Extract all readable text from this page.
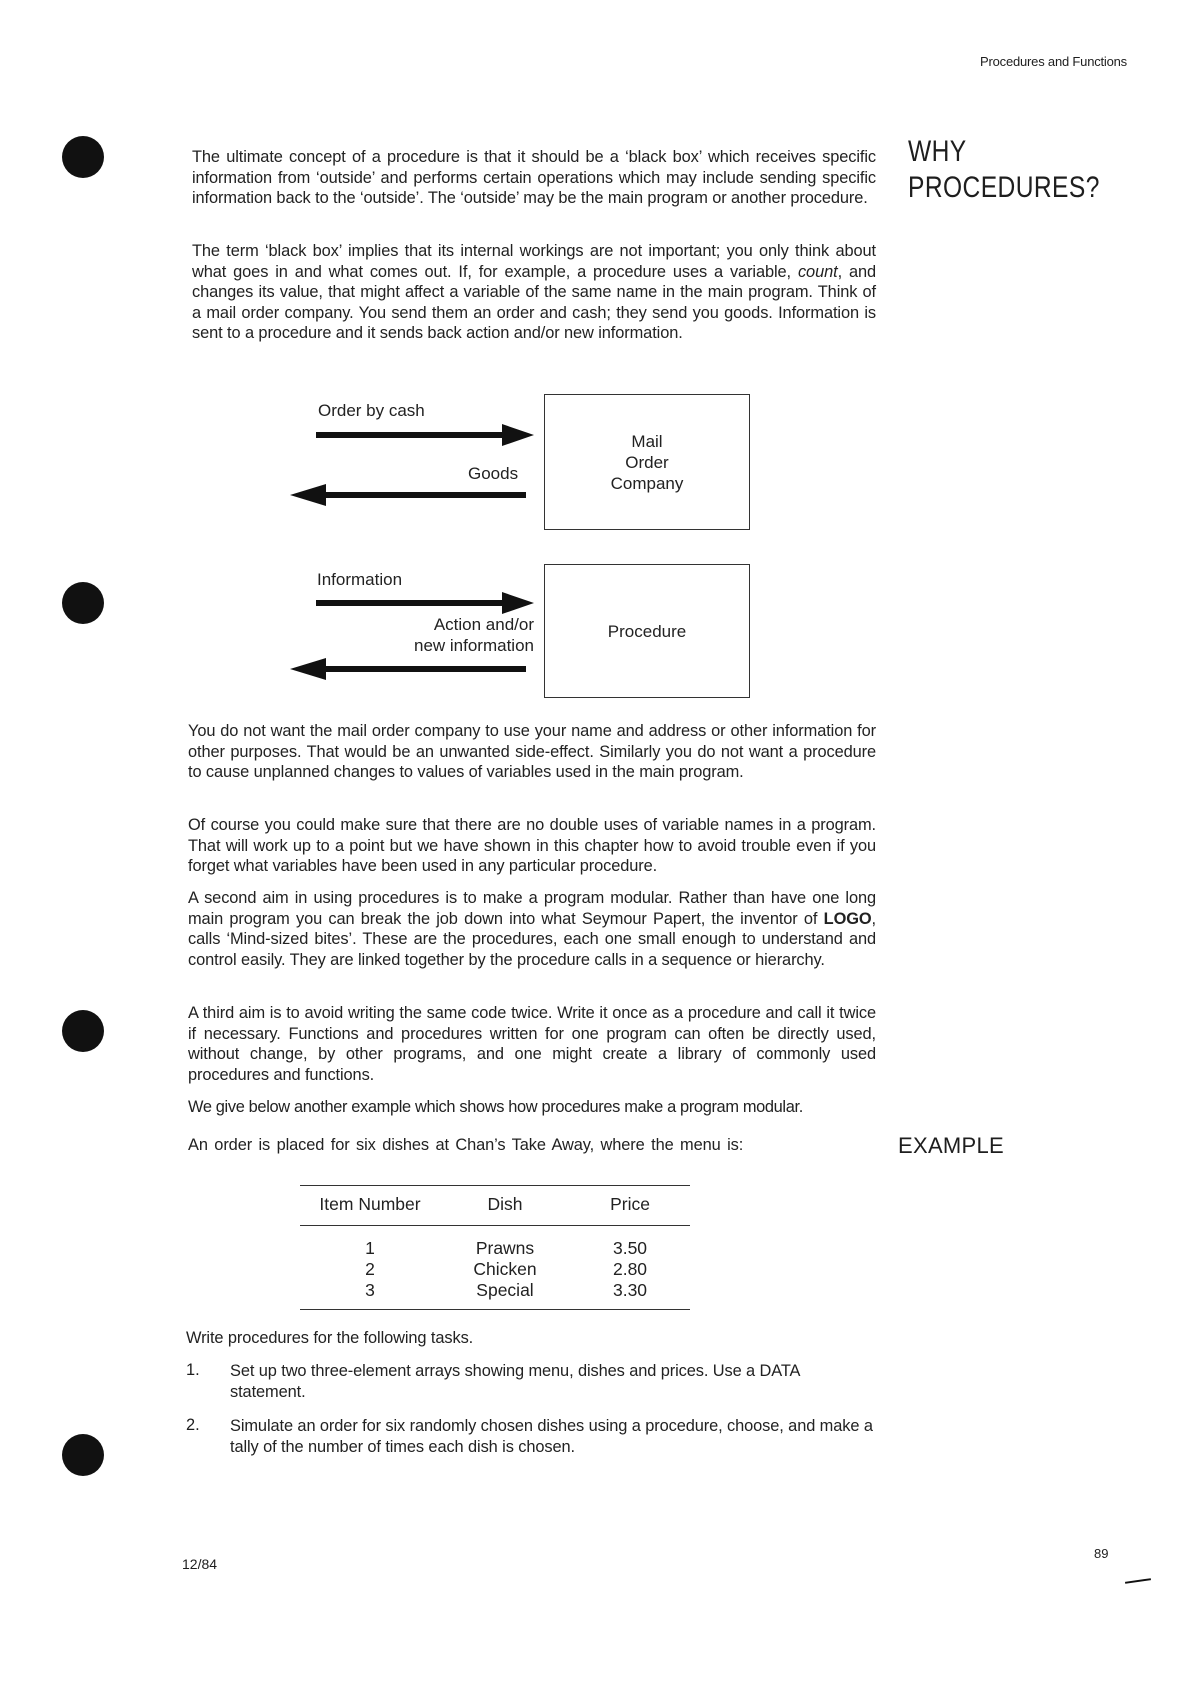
Procedures and Functions
WHY
PROCEDURES?
EXAMPLE

The ultimate concept of a procedure is that it should be a ‘black box’ which receives specific information from ‘outside’ and performs certain operations which may include sending specific information back to the ‘outside’. The ‘outside’ may be the main program or another procedure.

The term ‘black box’ implies that its internal workings are not important; you only think about what goes in and what comes out. If, for example, a procedure uses a variable, count, and changes its value, that might affect a variable of the same name in the main program. Think of a mail order company. You send them an order and cash; they send you goods. Information is sent to a procedure and it sends back action and/or new information.

Order by cash
Goods
Mail
Order
Company
Information
Action and/or
new information
Procedure

You do not want the mail order company to use your name and address or other information for other purposes. That would be an unwanted side-effect. Similarly you do not want a procedure to cause unplanned changes to values of variables used in the main program.

Of course you could make sure that there are no double uses of variable names in a program. That will work up to a point but we have shown in this chapter how to avoid trouble even if you forget what variables have been used in any particular procedure.

A second aim in using procedures is to make a program modular. Rather than have one long main program you can break the job down into what Seymour Papert, the inventor of LOGO, calls ‘Mind-sized bites’. These are the procedures, each one small enough to understand and control easily. They are linked together by the procedure calls in a sequence or hierarchy.

A third aim is to avoid writing the same code twice. Write it once as a procedure and call it twice if necessary. Functions and procedures written for one program can often be directly used, without change, by other programs, and one might create a library of commonly used procedures and functions.

We give below another example which shows how procedures make a program modular.

An order is placed for six dishes at Chan’s Take Away, where the menu is:

Item Number	Dish	Price

1	Prawns	3.50
2	Chicken	2.80
3	Special	3.30

Write procedures for the following tasks.

1. Set up two three-element arrays showing menu, dishes and prices. Use a DATA statement.

2. Simulate an order for six randomly chosen dishes using a procedure, choose, and make a tally of the number of times each dish is chosen.

12/84
89
